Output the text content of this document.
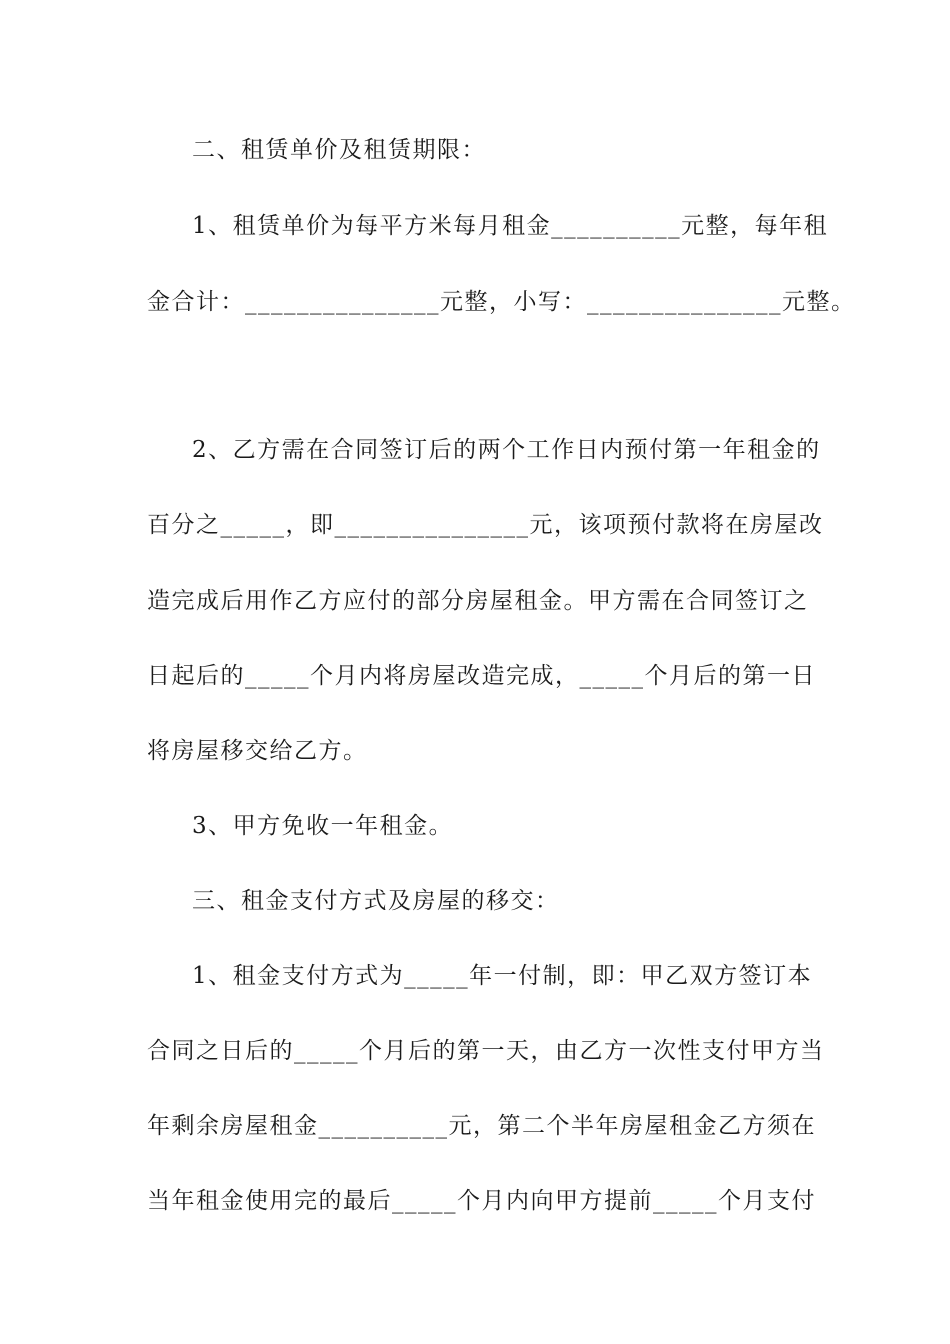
二、租赁单价及租赁期限：
1、租赁单价为每平方米每月租金__________元整，每年租
金合计：_______________元整，小写：_______________元整。
2、乙方需在合同签订后的两个工作日内预付第一年租金的
百分之_____，即_______________元，该项预付款将在房屋改
造完成后用作乙方应付的部分房屋租金。甲方需在合同签订之
日起后的_____个月内将房屋改造完成，_____个月后的第一日
将房屋移交给乙方。
3、甲方免收一年租金。
三、租金支付方式及房屋的移交：
1、租金支付方式为_____年一付制，即：甲乙双方签订本
合同之日后的_____个月后的第一天，由乙方一次性支付甲方当
年剩余房屋租金__________元，第二个半年房屋租金乙方须在
当年租金使用完的最后_____个月内向甲方提前_____个月支付
